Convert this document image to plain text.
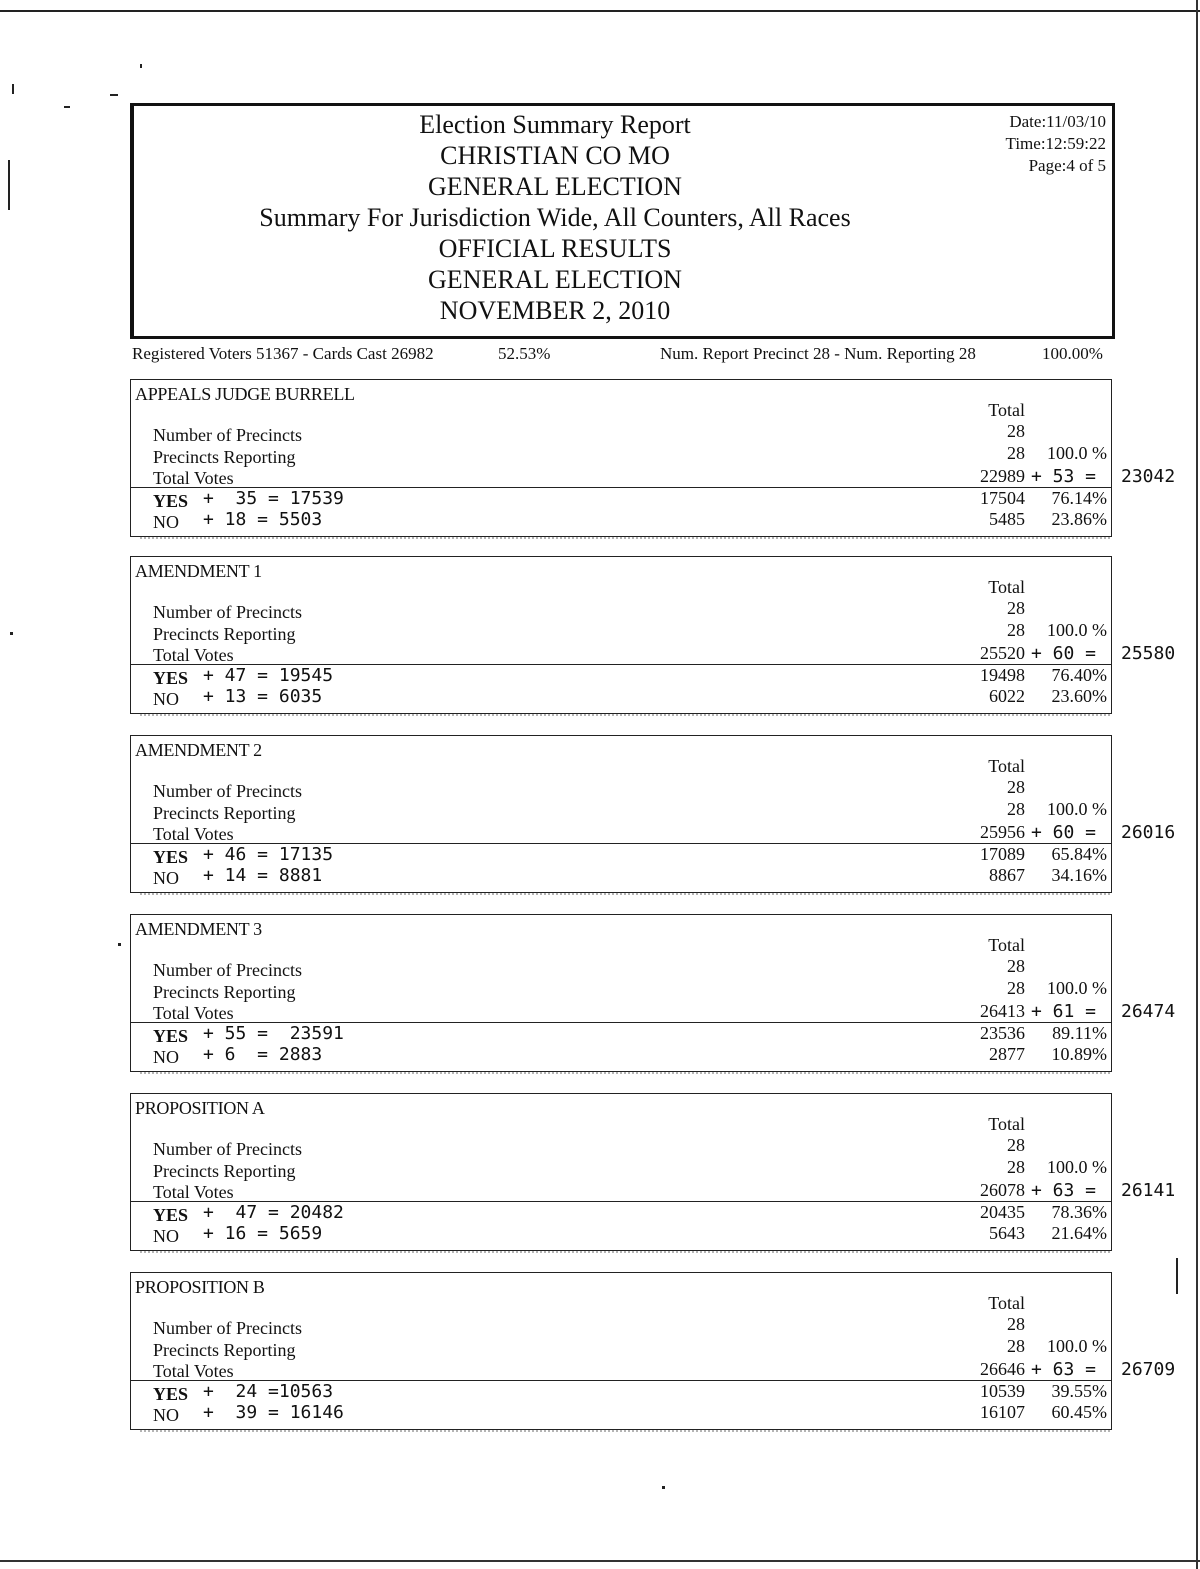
Election Summary Report
CHRISTIAN CO MO
GENERAL ELECTION
Summary For Jurisdiction Wide, All Counters, All Races
OFFICIAL RESULTS
GENERAL ELECTION
NOVEMBER 2, 2010
Date:11/03/10
Time:12:59:22
Page:4 of 5
Registered Voters 51367 - Cards Cast 26982	52.53%	Num. Report Precinct 28 - Num. Reporting 28	100.00%
APPEALS JUDGE BURRELL
Total
Number of Precincts	28
Precincts Reporting	28	100.0 %
Total Votes	22989 + 53 = 23042
YES +  35 = 17539	17504	76.14%
NO + 18 = 5503	5485	23.86%
AMENDMENT 1
Total
Number of Precincts	28
Precincts Reporting	28	100.0 %
Total Votes	25520 + 60 = 25580
YES + 47 = 19545	19498	76.40%
NO + 13 = 6035	6022	23.60%
AMENDMENT 2
Total
Number of Precincts	28
Precincts Reporting	28	100.0 %
Total Votes	25956 + 60 = 26016
YES + 46 = 17135	17089	65.84%
NO + 14 = 8881	8867	34.16%
AMENDMENT 3
Total
Number of Precincts	28
Precincts Reporting	28	100.0 %
Total Votes	26413 + 61 = 26474
YES + 55 =  23591	23536	89.11%
NO + 6  = 2883	2877	10.89%
PROPOSITION A
Total
Number of Precincts	28
Precincts Reporting	28	100.0 %
Total Votes	26078 + 63 = 26141
YES +  47 = 20482	20435	78.36%
NO + 16 = 5659	5643	21.64%
PROPOSITION B
Total
Number of Precincts	28
Precincts Reporting	28	100.0 %
Total Votes	26646 + 63 = 26709
YES +  24 =10563	10539	39.55%
NO +  39 = 16146	16107	60.45%
